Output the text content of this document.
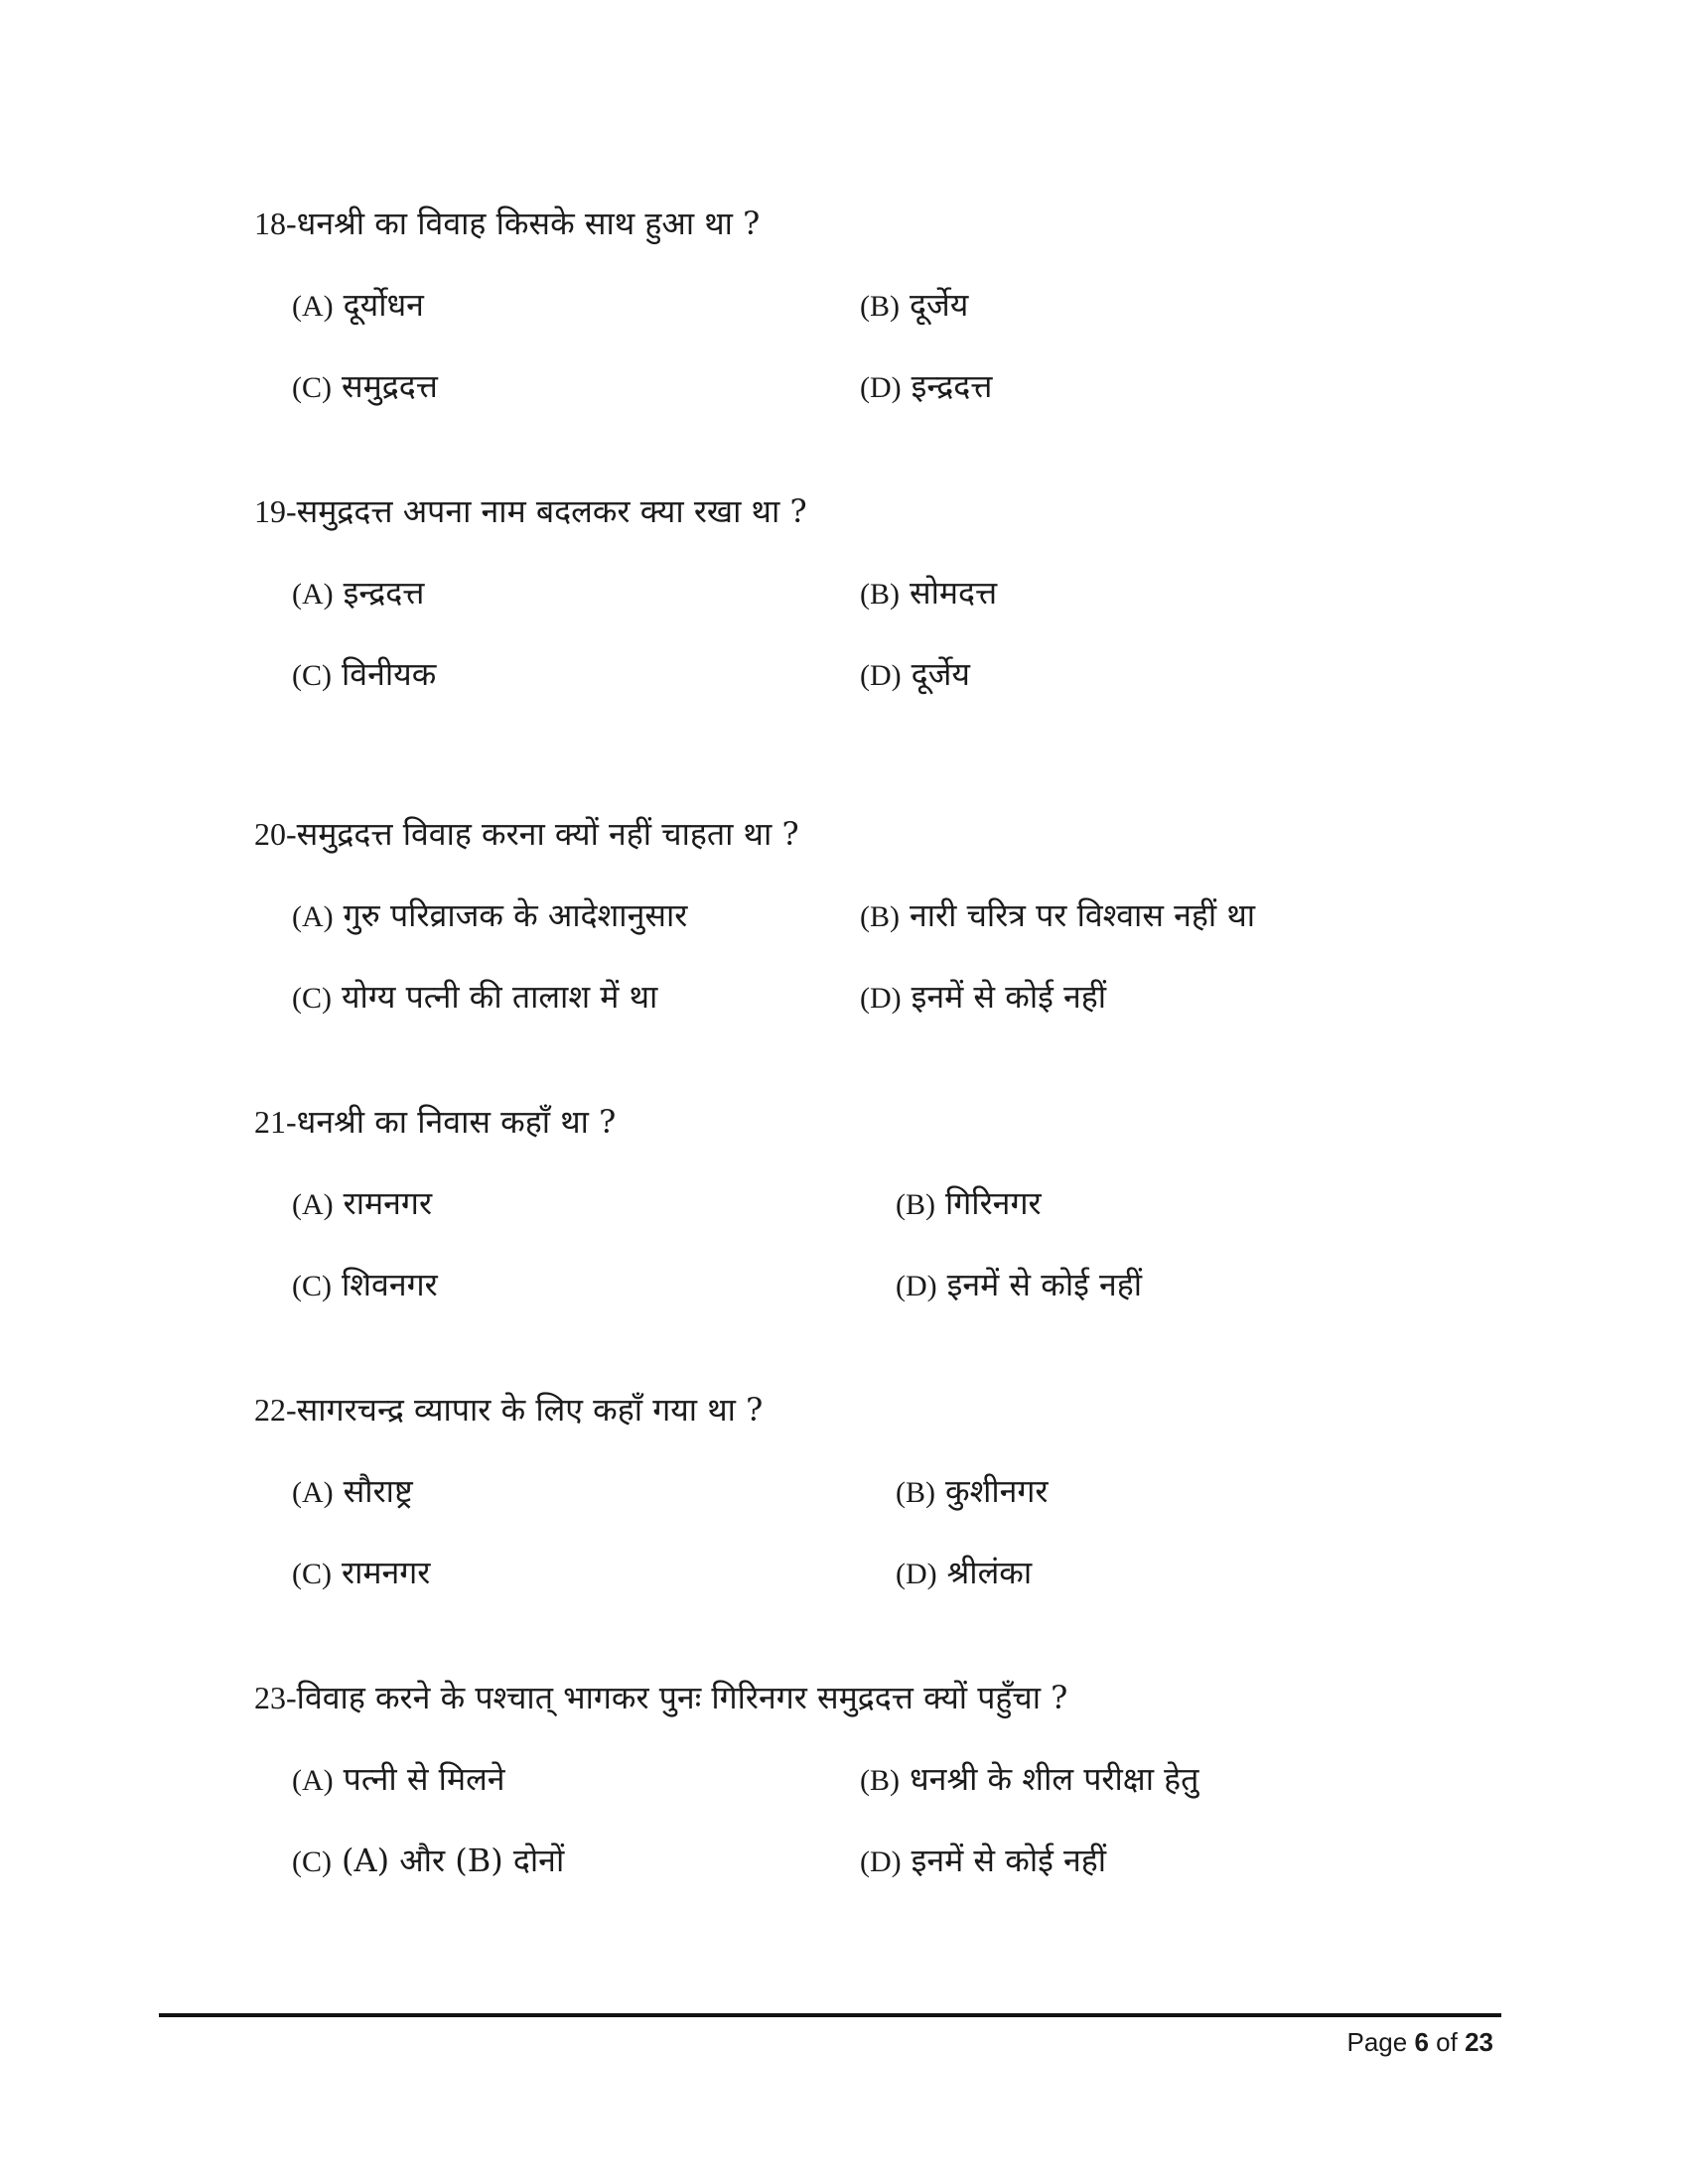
18-धनश्री का विवाह किसके साथ हुआ था ?
(A) दूर्योधन	(B) दूर्जेय
(C) समुद्रदत्त	(D) इन्द्रदत्त
19-समुद्रदत्त अपना नाम बदलकर क्या रखा था ?
(A) इन्द्रदत्त	(B) सोमदत्त
(C) विनीयक	(D) दूर्जेय
20-समुद्रदत्त विवाह करना क्यों नहीं चाहता था ?
(A) गुरु परिव्राजक के आदेशानुसार	(B) नारी चरित्र पर विश्वास नहीं था
(C) योग्य पत्नी की तालाश में था	(D) इनमें से कोई नहीं
21-धनश्री का निवास कहाँ था ?
(A) रामनगर	(B) गिरिनगर
(C) शिवनगर	(D) इनमें से कोई नहीं
22-सागरचन्द्र व्यापार के लिए कहाँ गया था ?
(A) सौराष्ट्र	(B) कुशीनगर
(C) रामनगर	(D) श्रीलंका
23-विवाह करने के पश्चात् भागकर पुनः गिरिनगर समुद्रदत्त क्यों पहुँचा ?
(A) पत्नी से मिलने	(B) धनश्री के शील परीक्षा हेतु
(C) (A) और (B) दोनों	(D) इनमें से कोई नहीं
Page 6 of 23
